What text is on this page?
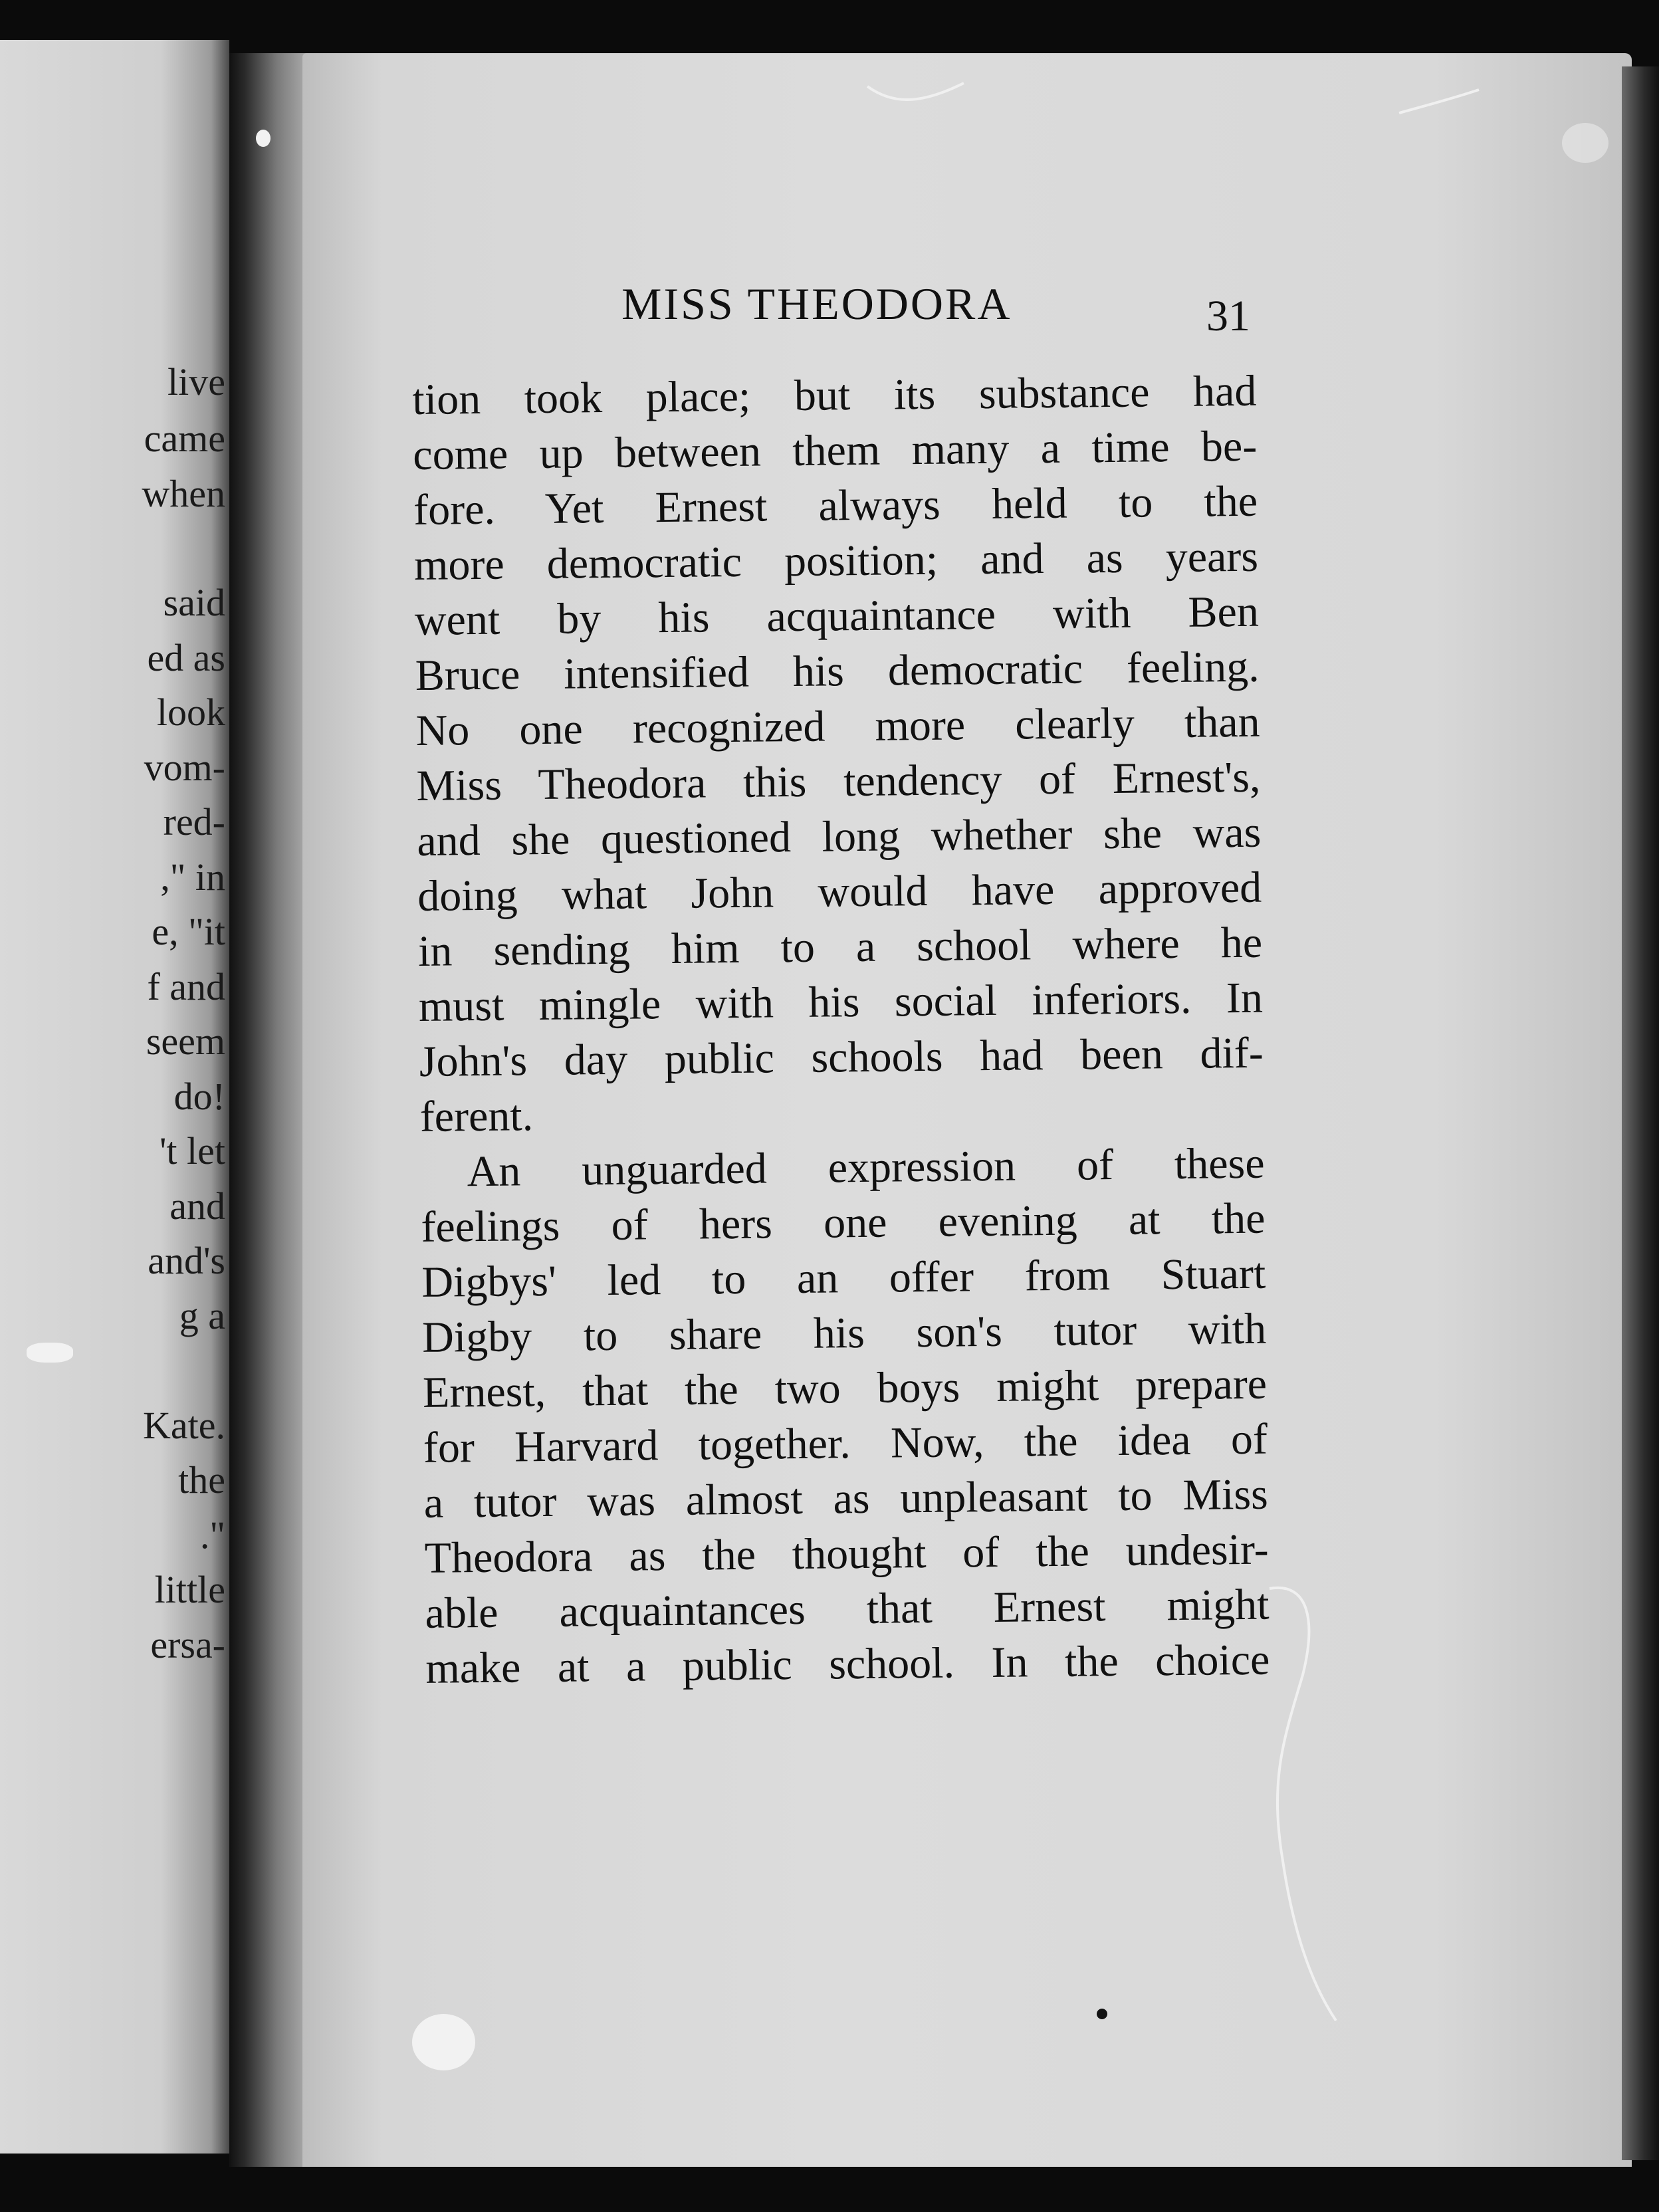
live

came

when

said

ed as

look

vom-

red-

," in

e, "it

f and

seem

do!

't let

and

and's

g a

Kate.

the

."

little

ersa-

MISS THEODORA	31

tion took place; but its substance had

come up between them many a time be-

fore. Yet Ernest always held to the

more democratic position; and as years

went by his acquaintance with Ben

Bruce intensified his democratic feeling.

No one recognized more clearly than

Miss Theodora this tendency of Ernest's,

and she questioned long whether she was

doing what John would have approved

in sending him to a school where he

must mingle with his social inferiors. In

John's day public schools had been dif-

ferent.

An unguarded expression of these

feelings of hers one evening at the

Digbys' led to an offer from Stuart

Digby to share his son's tutor with

Ernest, that the two boys might prepare

for Harvard together. Now, the idea of

a tutor was almost as unpleasant to Miss

Theodora as the thought of the undesir-

able acquaintances that Ernest might

make at a public school. In the choice
